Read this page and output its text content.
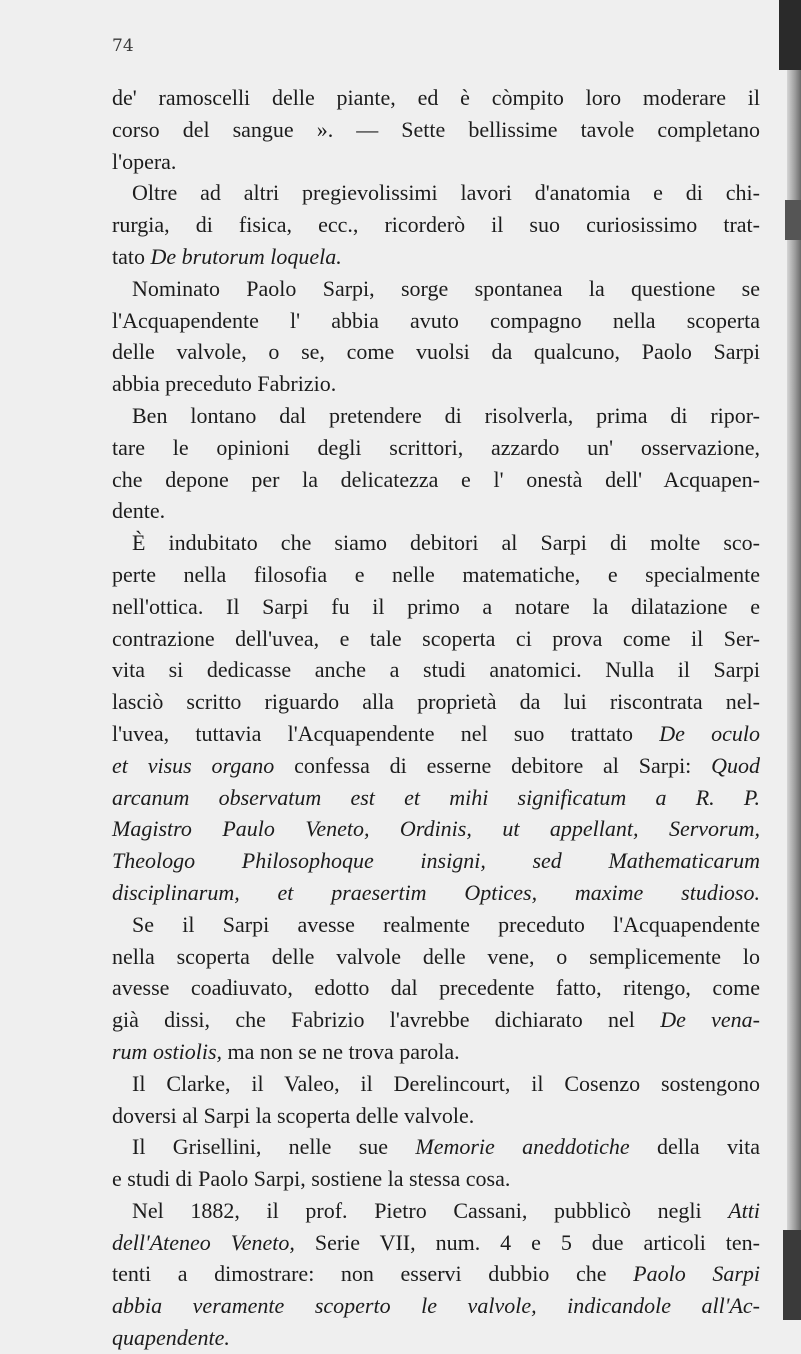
74
de' ramoscelli delle piante, ed è còmpito loro moderare il
corso del sangue ». — Sette bellissime tavole completano
l'opera.
Oltre ad altri pregievolissimi lavori d'anatomia e di chi-
rurgia, di fisica, ecc., ricorderò il suo curiosissimo trat-
tato De brutorum loquela.
Nominato Paolo Sarpi, sorge spontanea la questione se
l'Acquapendente l' abbia avuto compagno nella scoperta
delle valvole, o se, come vuolsi da qualcuno, Paolo Sarpi
abbia preceduto Fabrizio.
Ben lontano dal pretendere di risolverla, prima di ripor-
tare le opinioni degli scrittori, azzardo un' osservazione,
che depone per la delicatezza e l' onestà dell' Acquapen-
dente.
È indubitato che siamo debitori al Sarpi di molte sco-
perte nella filosofia e nelle matematiche, e specialmente
nell'ottica. Il Sarpi fu il primo a notare la dilatazione e
contrazione dell'uvea, e tale scoperta ci prova come il Ser-
vita si dedicasse anche a studi anatomici. Nulla il Sarpi
lasciò scritto riguardo alla proprietà da lui riscontrata nel-
l'uvea, tuttavia l'Acquapendente nel suo trattato De oculo
et visus organo confessa di esserne debitore al Sarpi: Quod
arcanum observatum est et mihi significatum a R. P.
Magistro Paulo Veneto, Ordinis, ut appellant, Servorum,
Theologo Philosophoque insigni, sed Mathematicarum
disciplinarum, et praesertim Optices, maxime studioso.
Se il Sarpi avesse realmente preceduto l'Acquapendente
nella scoperta delle valvole delle vene, o semplicemente lo
avesse coadiuvato, edotto dal precedente fatto, ritengo, come
già dissi, che Fabrizio l'avrebbe dichiarato nel De vena-
rum ostiolis, ma non se ne trova parola.
Il Clarke, il Valeo, il Derelincourt, il Cosenzo sostengono
doversi al Sarpi la scoperta delle valvole.
Il Grisellini, nelle sue Memorie aneddotiche della vita
e studi di Paolo Sarpi, sostiene la stessa cosa.
Nel 1882, il prof. Pietro Cassani, pubblicò negli Atti
dell'Ateneo Veneto, Serie VII, num. 4 e 5 due articoli ten-
tenti a dimostrare: non esservi dubbio che Paolo Sarpi
abbia veramente scoperto le valvole, indicandole all'Ac-
quapendente.
